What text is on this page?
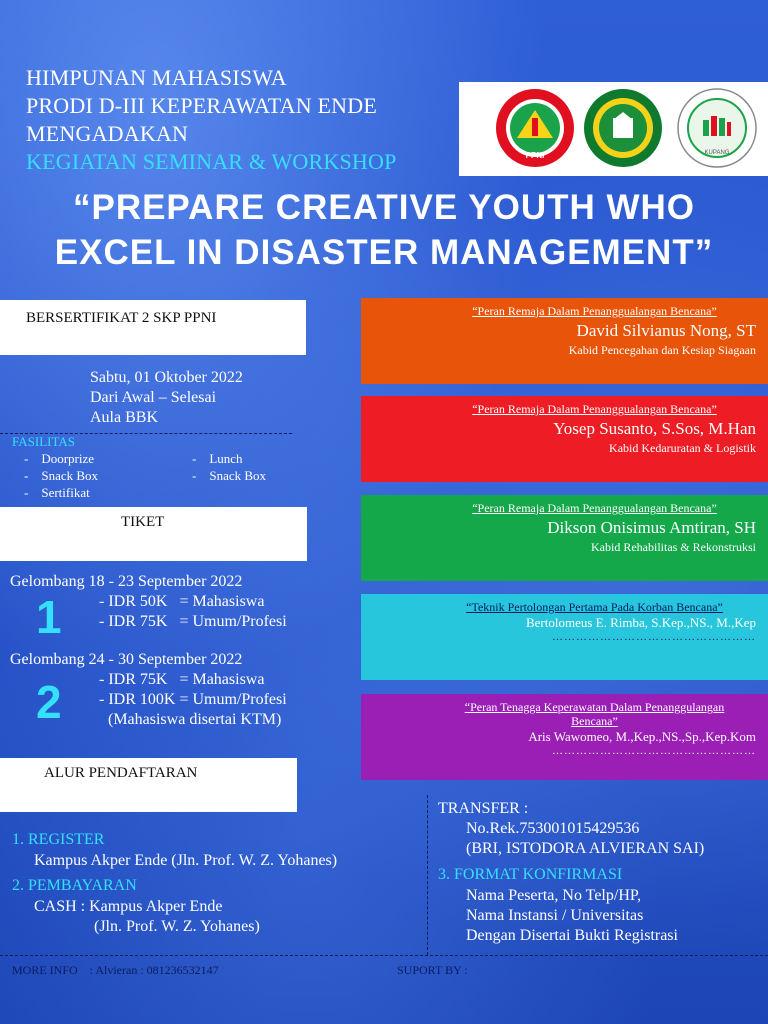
HIMPUNAN MAHASISWA
PRODI D-III KEPERAWATAN ENDE
MENGADAKAN
KEGIATAN SEMINAR & WORKSHOP	PPNI	KUPANG
“PREPARE CREATIVE YOUTH WHO
EXCEL IN DISASTER MANAGEMENT”
BERSERTIFIKAT 2 SKP PPNI
Sabtu, 01 Oktober 2022
Dari Awal – Selesai
Aula BBK
FASILITAS
-    Doorprize
-    Snack Box
-    Sertifikat
-    Lunch
-    Snack Box
TIKET
Gelombang 18 - 23 September 2022
1 - IDR 50K   = Mahasiswa
- IDR 75K   = Umum/Profesi
Gelombang 24 - 30 September 2022
2 - IDR 75K   = Mahasiswa
- IDR 100K = Umum/Profesi
(Mahasiswa disertai KTM)
ALUR PENDAFTARAN
1. REGISTER
Kampus Akper Ende (Jln. Prof. W. Z. Yohanes)
2. PEMBAYARAN
CASH : Kampus Akper Ende
(Jln. Prof. W. Z. Yohanes)
TRANSFER :
No.Rek.753001015429536
(BRI, ISTODORA ALVIERAN SAI)
3. FORMAT KONFIRMASI
Nama Peserta, No Telp/HP,
Nama Instansi / Universitas
Dengan Disertai Bukti Registrasi
“Peran Remaja Dalam Penanggualangan Bencana”
David Silvianus Nong, ST
Kabid Pencegahan dan Kesiap Siagaan
“Peran Remaja Dalam Penanggualangan Bencana”
Yosep Susanto, S.Sos, M.Han
Kabid Kedaruratan & Logistik
“Peran Remaja Dalam Penanggualangan Bencana”
Dikson Onisimus Amtiran, SH
Kabid Rehabilitas & Rekonstruksi
“Teknik Pertolongan Pertama Pada Korban Bencana”
Bertolomeus E. Rimba, S.Kep.,NS., M.,Kep
……………………………………………
“Peran Tenagga Keperawatan Dalam Penanggulangan Bencana”
Aris Wawomeo, M.,Kep.,NS.,Sp.,Kep.Kom
……………………………………………
MORE INFO    : Alvieran : 081236532147	SUPORT BY :
